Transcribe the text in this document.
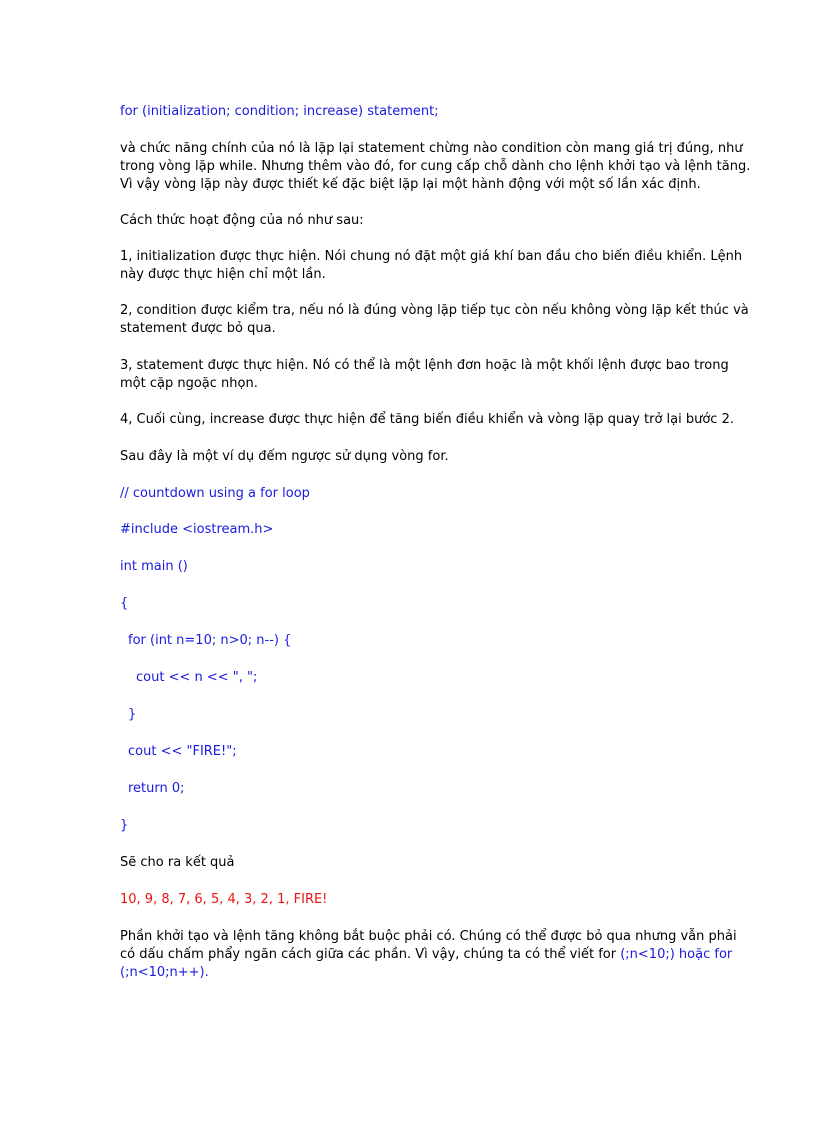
for (initialization; condition; increase) statement;
và chức năng chính của nó là lặp lại statement chừng nào condition còn mang giá trị đúng, như
trong vòng lặp while. Nhưng thêm vào đó, for cung cấp chỗ dành cho lệnh khởi tạo và lệnh tăng.
Vì vậy vòng lặp này được thiết kế đặc biệt lặp lại một hành động với một số lần xác định.
Cách thức hoạt động của nó như sau:
1, initialization được thực hiện. Nói chung nó đặt một giá khí ban đầu cho biến điều khiển. Lệnh
này được thực hiện chỉ một lần.
2, condition được kiểm tra, nếu nó là đúng vòng lặp tiếp tục còn nếu không vòng lặp kết thúc và
statement được bỏ qua.
3, statement được thực hiện. Nó có thể là một lệnh đơn hoặc là một khối lệnh được bao trong
một cặp ngoặc nhọn.
4, Cuối cùng, increase được thực hiện để tăng biến điều khiển và vòng lặp quay trở lại bước 2.
Sau đây là một ví dụ đếm ngược sử dụng vòng for.
// countdown using a for loop
#include <iostream.h>
int main ()
{
for (int n=10; n>0; n--) {
cout << n << ", ";
}
cout << "FIRE!";
return 0;
}
Sẽ cho ra kết quả
10, 9, 8, 7, 6, 5, 4, 3, 2, 1, FIRE!
Phần khởi tạo và lệnh tăng không bắt buộc phải có. Chúng có thể được bỏ qua nhưng vẫn phải
có dấu chấm phẩy ngăn cách giữa các phần. Vì vậy, chúng ta có thể viết for (;n<10;) hoặc for
(;n<10;n++).
